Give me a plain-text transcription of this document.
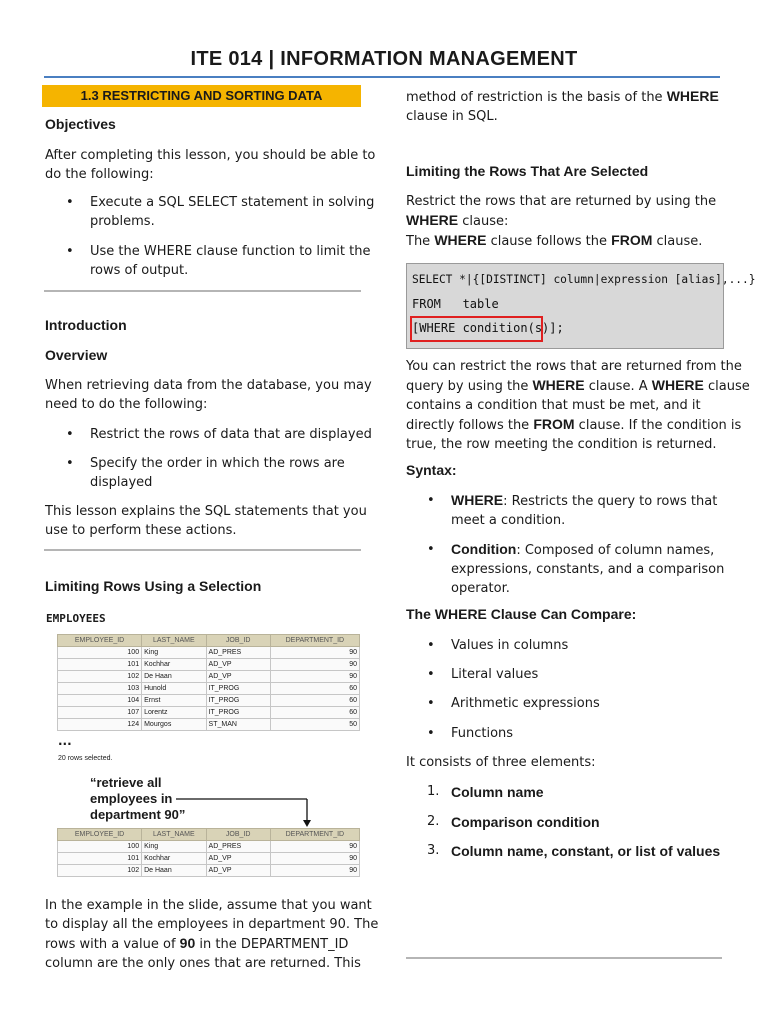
ITE 014 | INFORMATION MANAGEMENT
1.3 RESTRICTING AND SORTING DATA
Objectives
After completing this lesson, you should be able to
do the following:
• Execute a SQL SELECT statement in solving
problems.
• Use the WHERE clause function to limit the
rows of output.
Introduction
Overview
When retrieving data from the database, you may
need to do the following:
• Restrict the rows of data that are displayed
• Specify the order in which the rows are
displayed
This lesson explains the SQL statements that you
use to perform these actions.
Limiting Rows Using a Selection
EMPLOYEES
EMPLOYEE_ID	LAST_NAME	JOB_ID	DEPARTMENT_ID
100	King	AD_PRES	90
101	Kochhar	AD_VP	90
102	De Haan	AD_VP	90
103	Hunold	IT_PROG	60
104	Ernst	IT_PROG	60
107	Lorentz	IT_PROG	60
124	Mourgos	ST_MAN	50
...
20 rows selected.
“retrieve all
employees in
department 90”
EMPLOYEE_ID	LAST_NAME	JOB_ID	DEPARTMENT_ID
100	King	AD_PRES	90
101	Kochhar	AD_VP	90
102	De Haan	AD_VP	90
In the example in the slide, assume that you want
to display all the employees in department 90. The
rows with a value of 90 in the DEPARTMENT_ID
column are the only ones that are returned. This
method of restriction is the basis of the WHERE
clause in SQL.
Limiting the Rows That Are Selected
Restrict the rows that are returned by using the
WHERE clause:
The WHERE clause follows the FROM clause.
SELECT *|{[DISTINCT] column|expression [alias],...}
FROM   table
[WHERE condition(s)];
You can restrict the rows that are returned from the
query by using the WHERE clause. A WHERE clause
contains a condition that must be met, and it
directly follows the FROM clause. If the condition is
true, the row meeting the condition is returned.
Syntax:
• WHERE: Restricts the query to rows that
meet a condition.
• Condition: Composed of column names,
expressions, constants, and a comparison
operator.
The WHERE Clause Can Compare:
• Values in columns
• Literal values
• Arithmetic expressions
• Functions
It consists of three elements:
1. Column name
2. Comparison condition
3. Column name, constant, or list of values
